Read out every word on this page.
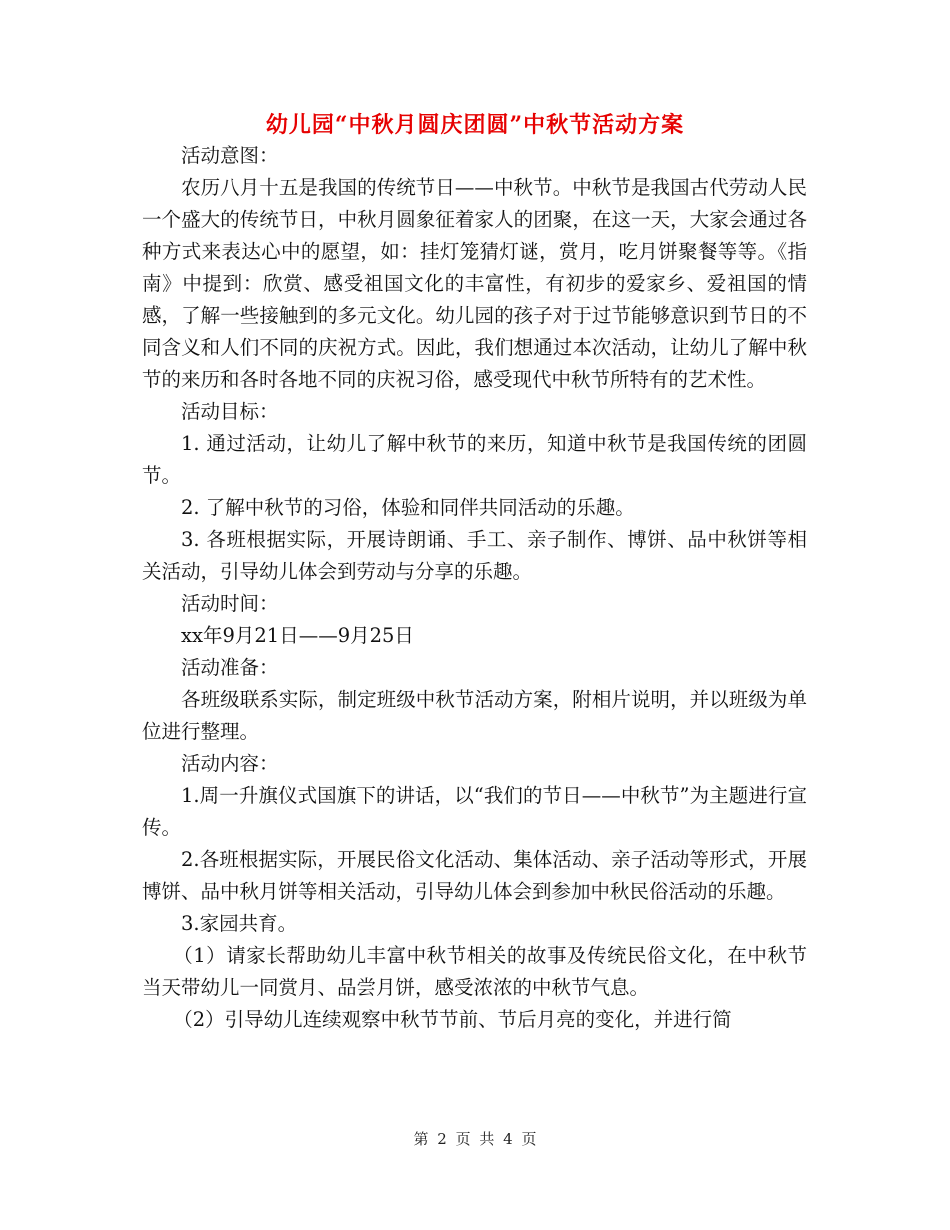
幼儿园“中秋月圆庆团圆”中秋节活动方案

活动意图：

农历八月十五是我国的传统节日——中秋节。中秋节是我国古代劳动人民一个盛大的传统节日，中秋月圆象征着家人的团聚，在这一天，大家会通过各种方式来表达心中的愿望，如：挂灯笼猜灯谜，赏月，吃月饼聚餐等等。《指南》中提到：欣赏、感受祖国文化的丰富性，有初步的爱家乡、爱祖国的情感，了解一些接触到的多元文化。幼儿园的孩子对于过节能够意识到节日的不同含义和人们不同的庆祝方式。因此，我们想通过本次活动，让幼儿了解中秋节的来历和各时各地不同的庆祝习俗，感受现代中秋节所特有的艺术性。

活动目标：

1. 通过活动，让幼儿了解中秋节的来历，知道中秋节是我国传统的团圆节。

2. 了解中秋节的习俗，体验和同伴共同活动的乐趣。

3. 各班根据实际，开展诗朗诵、手工、亲子制作、博饼、品中秋饼等相关活动，引导幼儿体会到劳动与分享的乐趣。

活动时间：

xx年9月21日——9月25日

活动准备：

各班级联系实际，制定班级中秋节活动方案，附相片说明，并以班级为单位进行整理。

活动内容：

1.周一升旗仪式国旗下的讲话，以“我们的节日——中秋节”为主题进行宣传。

2.各班根据实际，开展民俗文化活动、集体活动、亲子活动等形式，开展博饼、品中秋月饼等相关活动，引导幼儿体会到参加中秋民俗活动的乐趣。

3.家园共育。

（1）请家长帮助幼儿丰富中秋节相关的故事及传统民俗文化，在中秋节当天带幼儿一同赏月、品尝月饼，感受浓浓的中秋节气息。

（2）引导幼儿连续观察中秋节节前、节后月亮的变化，并进行简

第 2 页 共 4 页
